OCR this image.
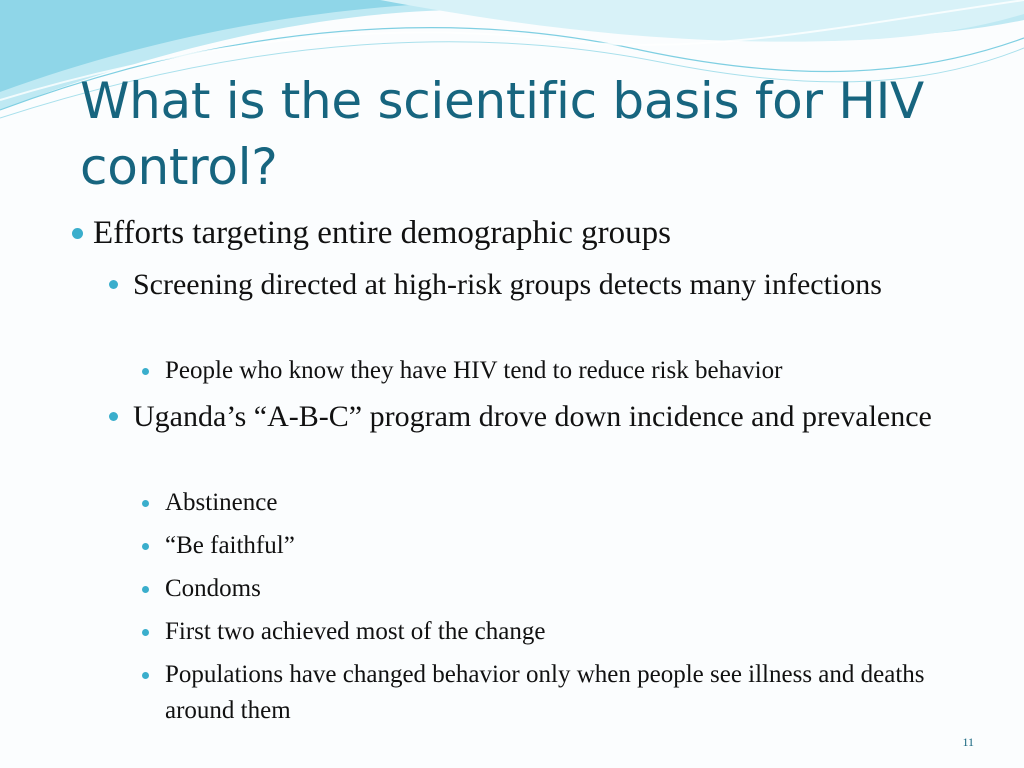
What is the scientific basis for HIV control?
Efforts targeting entire demographic groups
Screening directed at high-risk groups detects many infections
People who know they have HIV tend to reduce risk behavior
Uganda’s “A-B-C” program drove down incidence and prevalence
Abstinence
“Be faithful”
Condoms
First two achieved most of the change
Populations have changed behavior only when people see illness and deaths around them
11
